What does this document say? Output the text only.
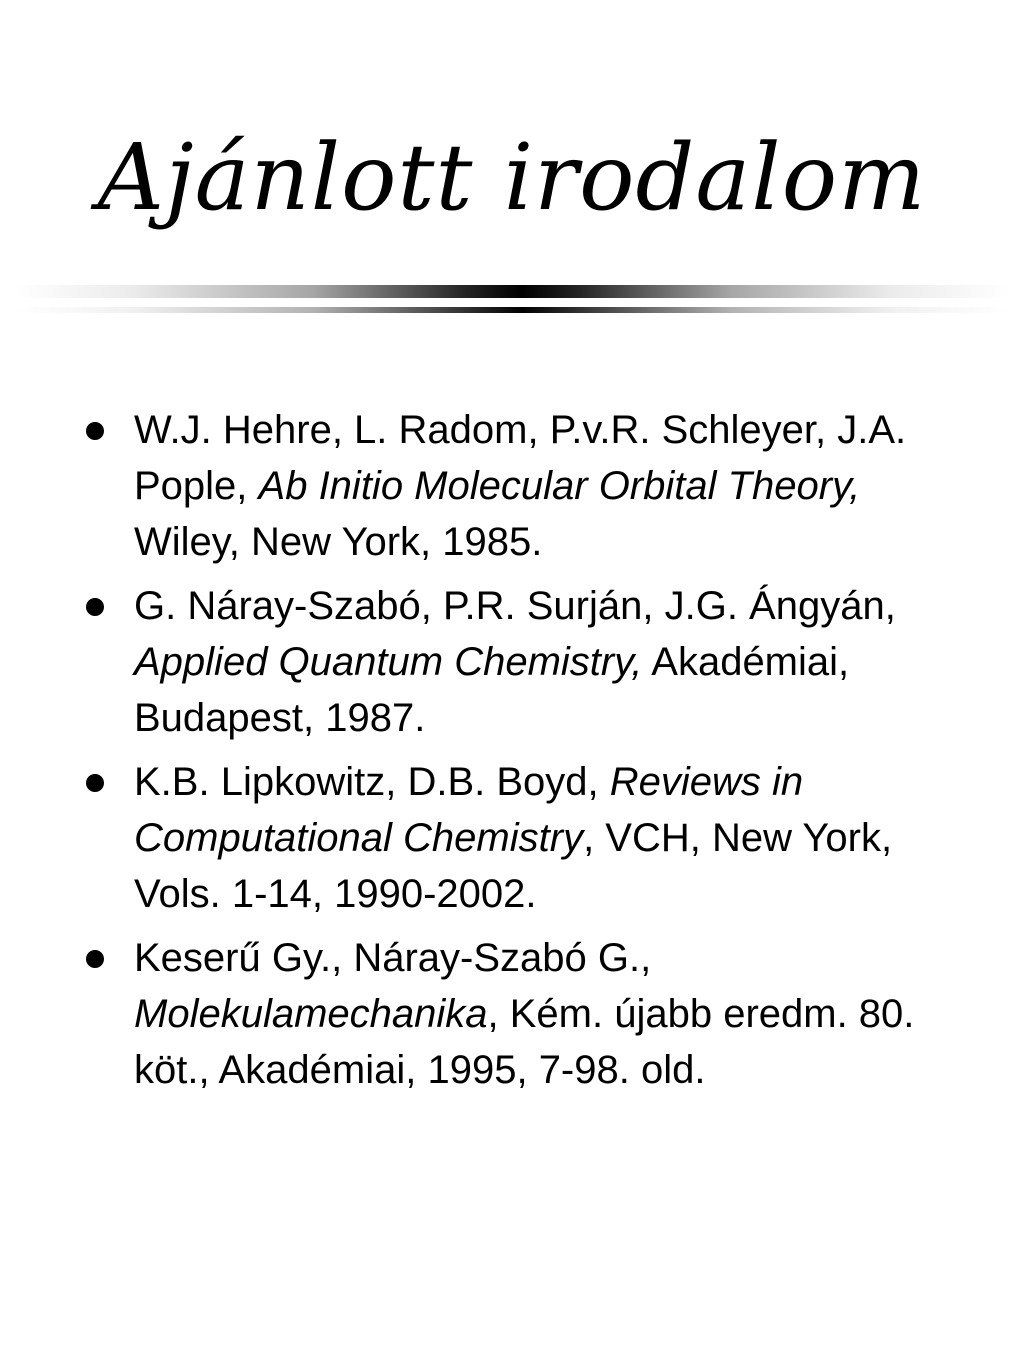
Ajánlott irodalom
W.J. Hehre, L. Radom, P.v.R. Schleyer, J.A. Pople, Ab Initio Molecular Orbital Theory, Wiley, New York, 1985.
G. Náray-Szabó, P.R. Surján, J.G. Ángyán, Applied Quantum Chemistry, Akadémiai, Budapest, 1987.
K.B. Lipkowitz, D.B. Boyd, Reviews in Computational Chemistry, VCH, New York, Vols. 1-14, 1990-2002.
Keserű Gy., Náray-Szabó G., Molekulamechanika, Kém. újabb eredm. 80. köt., Akadémiai, 1995, 7-98. old.
